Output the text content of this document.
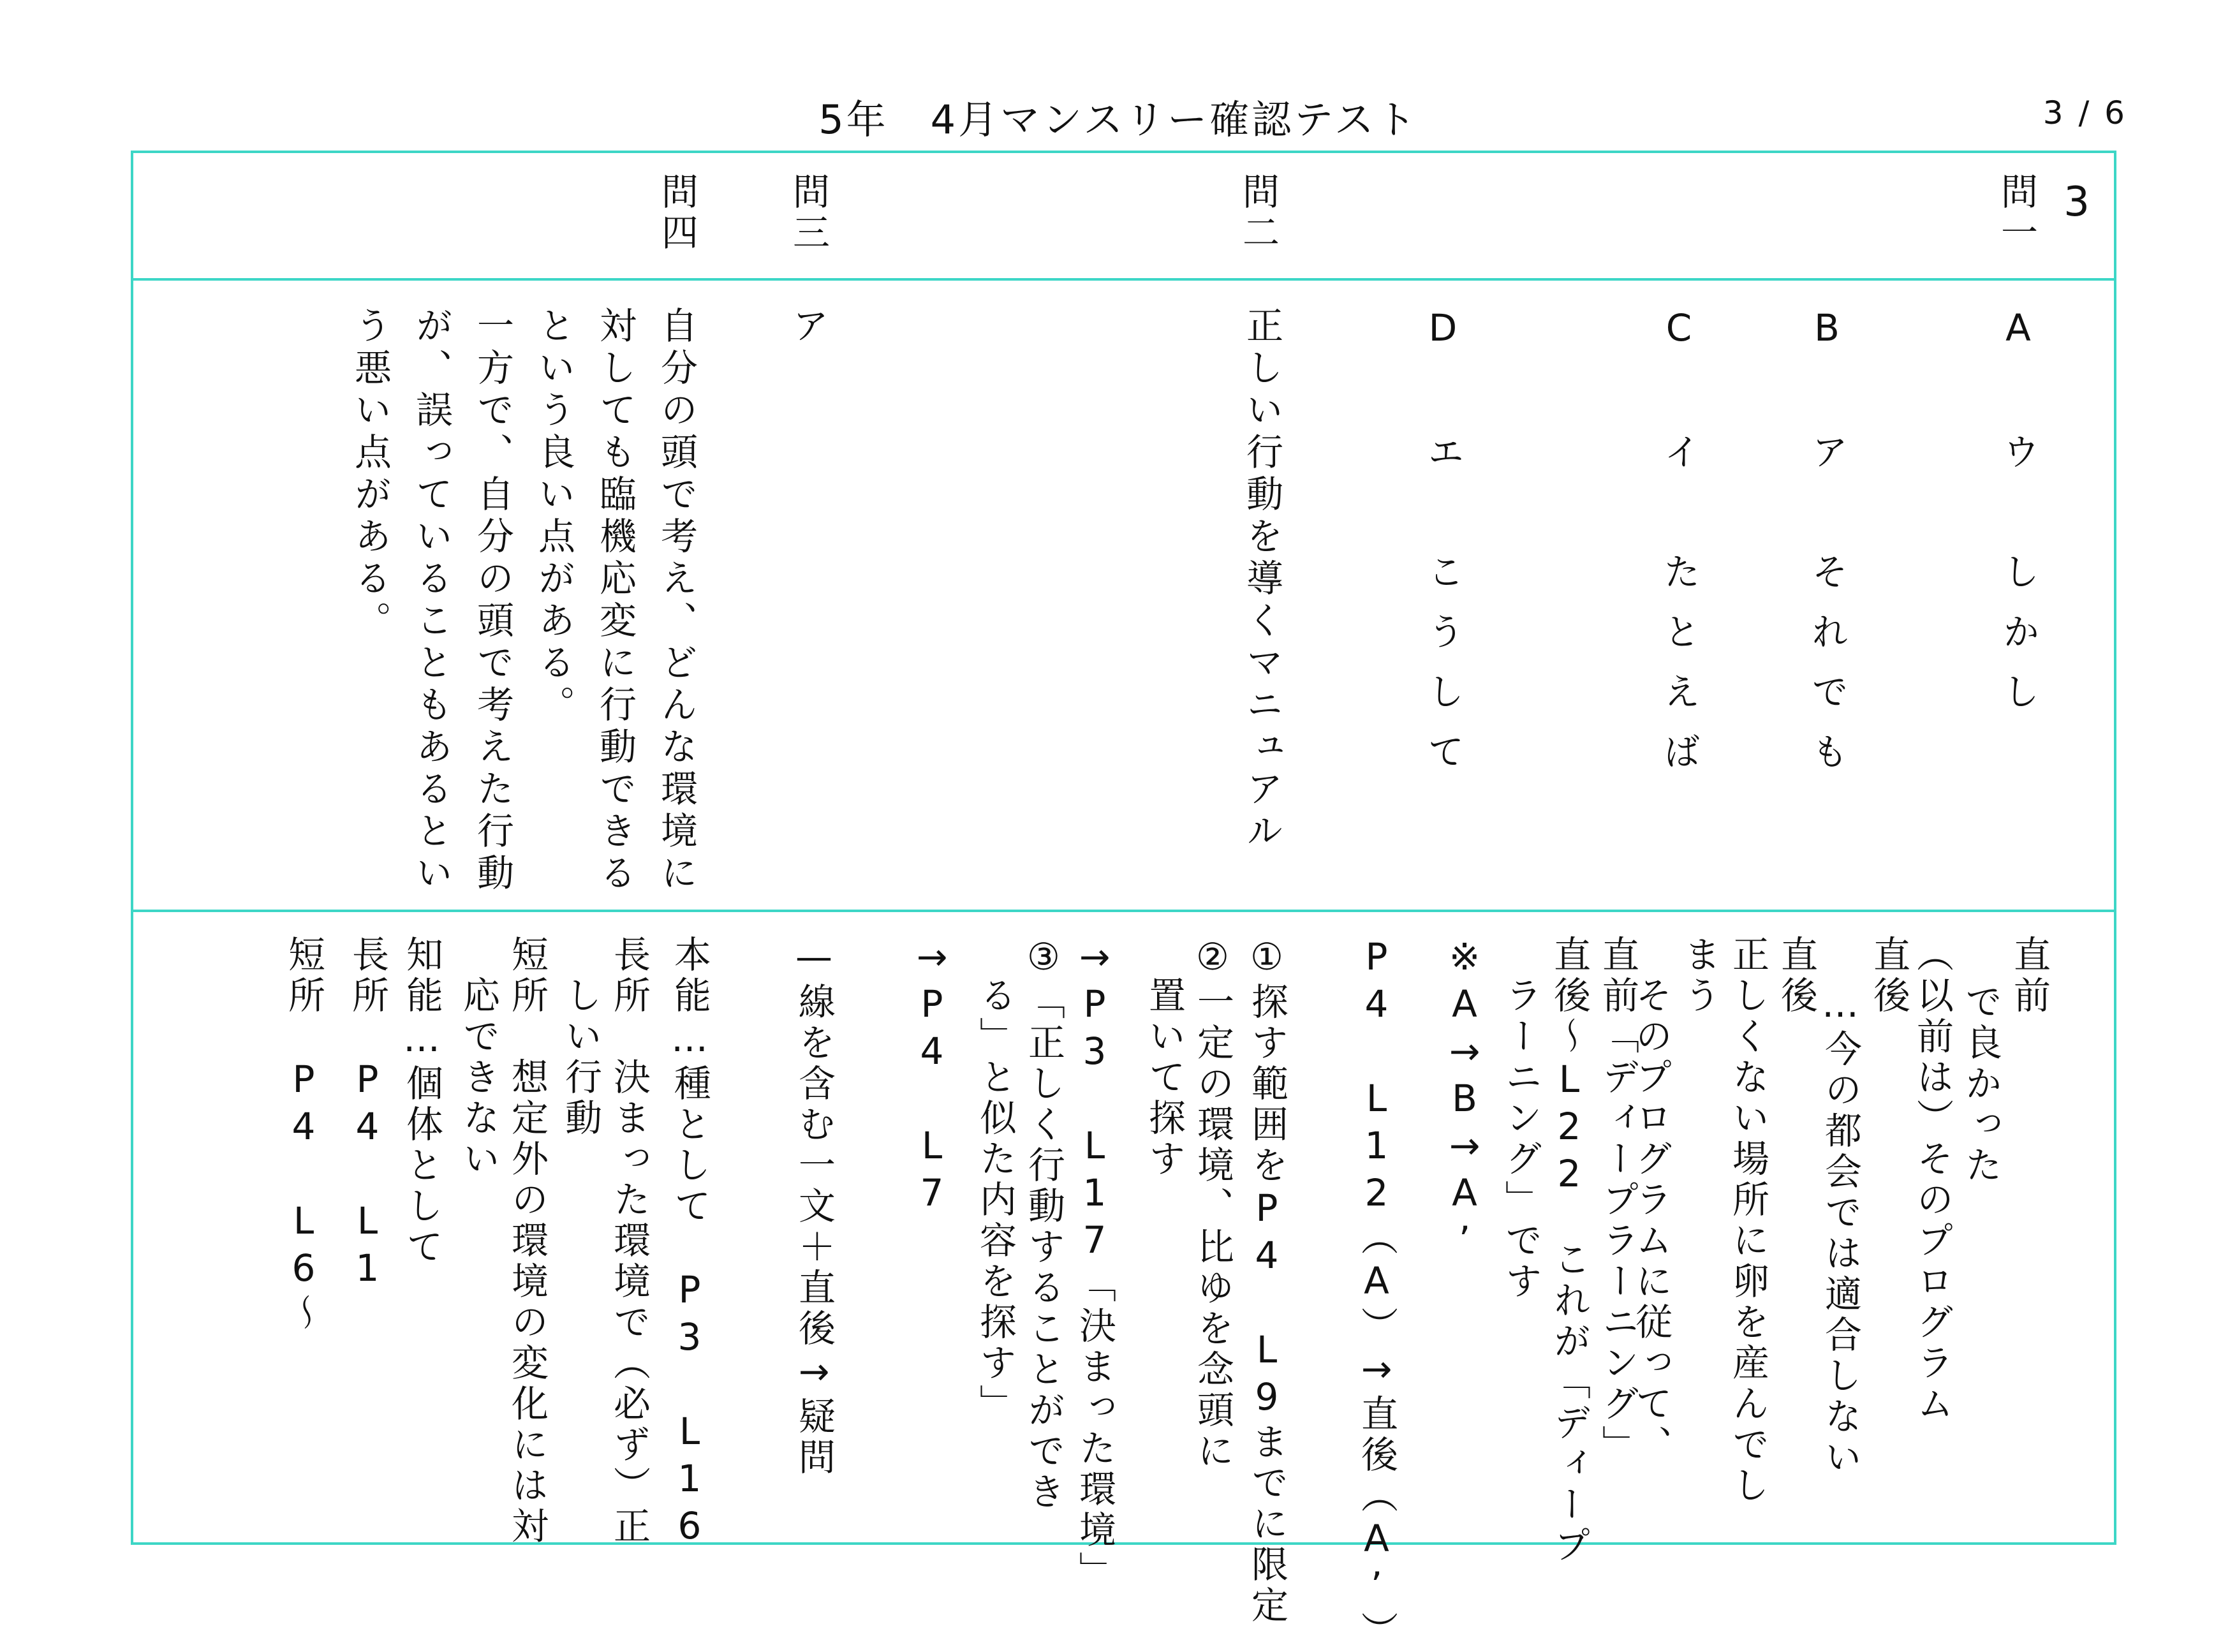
5年　4月マンスリー確認テスト	3 / 6
3
問一
問二
問三
問四
A　ウ　しかし
B　ア　それでも
C　イ　たとえば
D　エ　こうして
正しい行動を導くマニュアル
ア
自分の頭で考え、どんな環境に
対しても臨機応変に行動できる
という良い点がある。
一方で、自分の頭で考えた行動
が、誤っていることもあるとい
う悪い点がある。
直前
で良かった
（以前は）そのプログラム
直後
…今の都会では適合しない
直後
正しくない場所に卵を産んでし
まう
　そのプログラムに従って、
直前「ディープラーニング」
直後～L22　これが「ディープ
　ラーニング」です
※A→B→A’
P4 L12（A）→直後（A’）
①探す範囲をP4 L9までに限定
②一定の環境、比ゆを念頭に
　置いて探す
→P3 L17「決まった環境」
③「正しく行動することができ
　る」と似た内容を探す」
→P4 L7
—線を含む一文＋直後→疑問
本能…種として　P3 L16
長所　決まった環境で（必ず）正
　しい行動
短所　想定外の環境の変化には対
　応できない
知能…個体として
長所　P4 L1
短所　P4 L6～
